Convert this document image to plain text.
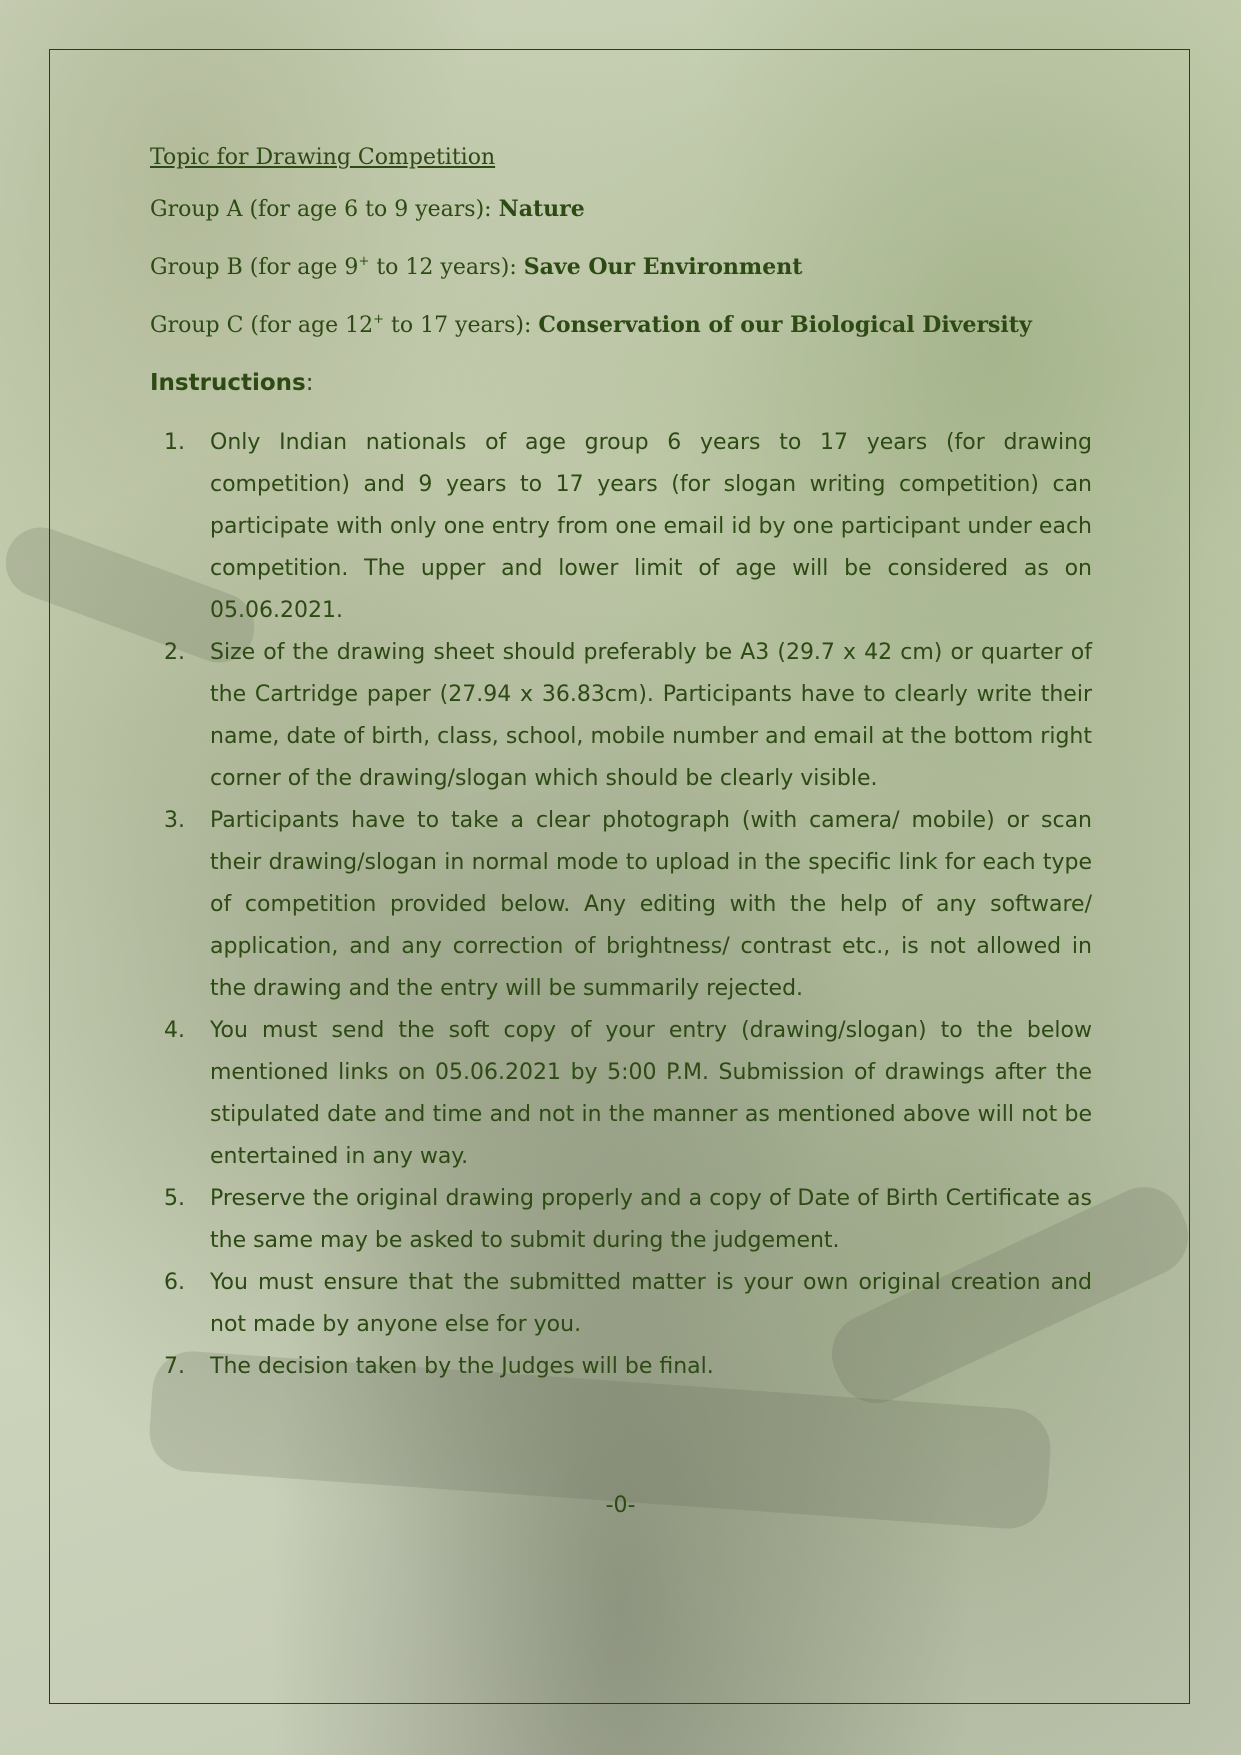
Topic for Drawing Competition

Group A (for age 6 to 9 years): Nature

Group B (for age 9+ to 12 years): Save Our Environment

Group C (for age 12+ to 17 years): Conservation of our Biological Diversity

Instructions:

1. Only Indian nationals of age group 6 years to 17 years (for drawing competition) and 9 years to 17 years (for slogan writing competition) can participate with only one entry from one email id by one participant under each competition. The upper and lower limit of age will be considered as on 05.06.2021.
2. Size of the drawing sheet should preferably be A3 (29.7 x 42 cm) or quarter of the Cartridge paper (27.94 x 36.83cm). Participants have to clearly write their name, date of birth, class, school, mobile number and email at the bottom right corner of the drawing/slogan which should be clearly visible.
3. Participants have to take a clear photograph (with camera/ mobile) or scan their drawing/slogan in normal mode to upload in the specific link for each type of competition provided below. Any editing with the help of any software/ application, and any correction of brightness/ contrast etc., is not allowed in the drawing and the entry will be summarily rejected.
4. You must send the soft copy of your entry (drawing/slogan) to the below mentioned links on 05.06.2021 by 5:00 P.M. Submission of drawings after the stipulated date and time and not in the manner as mentioned above will not be entertained in any way.
5. Preserve the original drawing properly and a copy of Date of Birth Certificate as the same may be asked to submit during the judgement.
6. You must ensure that the submitted matter is your own original creation and not made by anyone else for you.
7. The decision taken by the Judges will be final.
-0-
